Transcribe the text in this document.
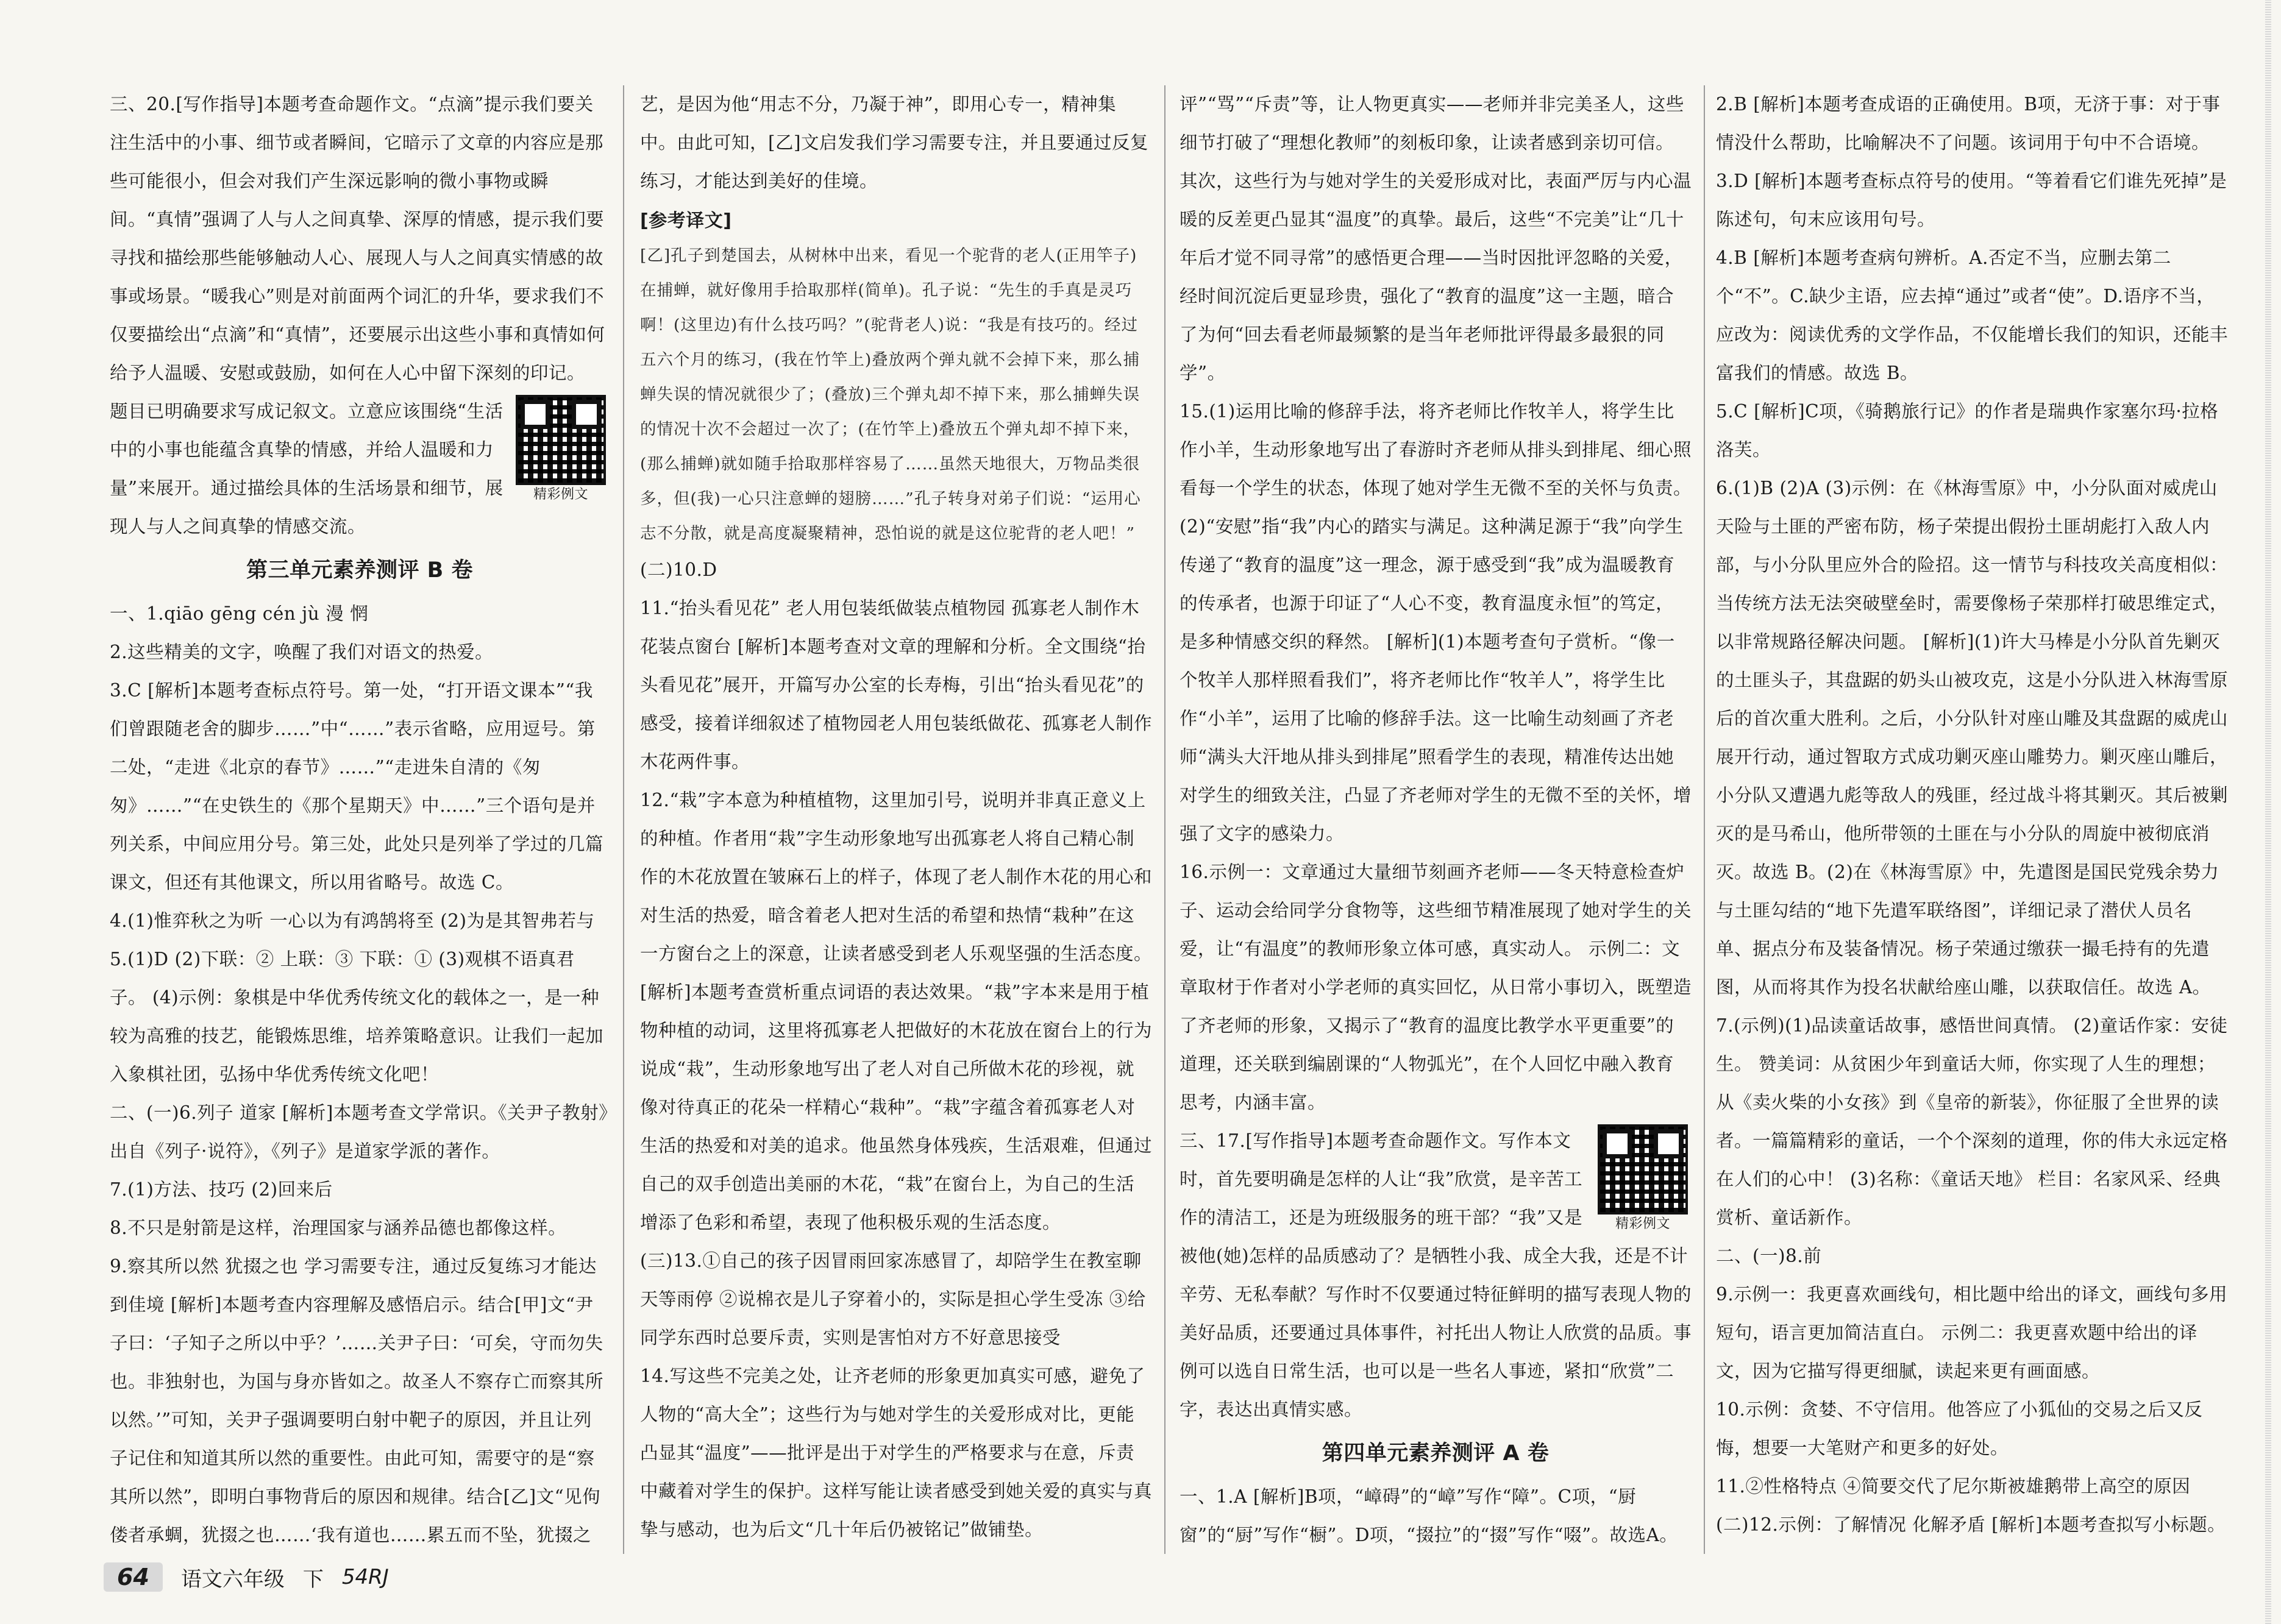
三、20.[写作指导]本题考查命题作文。“点滴”提示我们要关注生活中的小事、细节或者瞬间，它暗示了文章的内容应是那些可能很小，但会对我们产生深远影响的微小事物或瞬间。“真情”强调了人与人之间真挚、深厚的情感，提示我们要寻找和描绘那些能够触动人心、展现人与人之间真实情感的故事或场景。“暖我心”则是对前面两个词汇的升华，要求我们不仅要描绘出“点滴”和“真情”，还要展示出这些小事和真情如何给予人温暖、安慰或鼓励，如何在人心中留下深刻的印记。

精彩例文
题目已明确要求写成记叙文。立意应该围绕“生活中的小事也能蕴含真挚的情感，并给人温暖和力量”来展开。通过描绘具体的生活场景和细节，展现人与人之间真挚的情感交流。

第三单元素养测评 B 卷

一、1.qiāo gēng cén jù 漫 惘

2.这些精美的文字，唤醒了我们对语文的热爱。

3.C [解析]本题考查标点符号。第一处，“打开语文课本”“我们曾跟随老舍的脚步……”中“……”表示省略，应用逗号。第二处，“走进《北京的春节》……”“走进朱自清的《匆匆》……”“在史铁生的《那个星期天》中……”三个语句是并列关系，中间应用分号。第三处，此处只是列举了学过的几篇课文，但还有其他课文，所以用省略号。故选 C。

4.(1)惟弈秋之为听 一心以为有鸿鹄将至 (2)为是其智弗若与

5.(1)D (2)下联：② 上联：③ 下联：① (3)观棋不语真君子。 (4)示例：象棋是中华优秀传统文化的载体之一，是一种较为高雅的技艺，能锻炼思维，培养策略意识。让我们一起加入象棋社团，弘扬中华优秀传统文化吧！

二、(一)6.列子 道家 [解析]本题考查文学常识。《关尹子教射》出自《列子·说符》，《列子》是道家学派的著作。

7.(1)方法、技巧 (2)回来后

8.不只是射箭是这样，治理国家与涵养品德也都像这样。

9.察其所以然 犹掇之也 学习需要专注，通过反复练习才能达到佳境 [解析]本题考查内容理解及感悟启示。结合[甲]文“尹子曰：‘子知子之所以中乎？’……关尹子曰：‘可矣，守而勿失也。非独射也，为国与身亦皆如之。故圣人不察存亡而察其所以然。’”可知，关尹子强调要明白射中靶子的原因，并且让列子记住和知道其所以然的重要性。由此可知，需要守的是“察其所以然”，即明白事物背后的原因和规律。结合[乙]文“见佝偻者承蜩，犹掇之也……‘我有道也……累五而不坠，犹掇之

艺，是因为他“用志不分，乃凝于神”，即用心专一，精神集中。由此可知，[乙]文启发我们学习需要专注，并且要通过反复练习，才能达到美好的佳境。

[参考译文]

[乙]孔子到楚国去，从树林中出来，看见一个驼背的老人(正用竿子)在捕蝉，就好像用手拾取那样(简单)。孔子说：“先生的手真是灵巧啊！(这里边)有什么技巧吗？”(驼背老人)说：“我是有技巧的。经过五六个月的练习，(我在竹竿上)叠放两个弹丸就不会掉下来，那么捕蝉失误的情况就很少了；(叠放)三个弹丸却不掉下来，那么捕蝉失误的情况十次不会超过一次了；(在竹竿上)叠放五个弹丸却不掉下来，(那么捕蝉)就如随手拾取那样容易了……虽然天地很大，万物品类很多，但(我)一心只注意蝉的翅膀……”孔子转身对弟子们说：“运用心志不分散，就是高度凝聚精神，恐怕说的就是这位驼背的老人吧！”

(二)10.D

11.“抬头看见花” 老人用包装纸做装点植物园 孤寡老人制作木花装点窗台 [解析]本题考查对文章的理解和分析。全文围绕“抬头看见花”展开，开篇写办公室的长寿梅，引出“抬头看见花”的感受，接着详细叙述了植物园老人用包装纸做花、孤寡老人制作木花两件事。

12.“栽”字本意为种植植物，这里加引号，说明并非真正意义上的种植。作者用“栽”字生动形象地写出孤寡老人将自己精心制作的木花放置在皱麻石上的样子，体现了老人制作木花的用心和对生活的热爱，暗含着老人把对生活的希望和热情“栽种”在这一方窗台之上的深意，让读者感受到老人乐观坚强的生活态度。 [解析]本题考查赏析重点词语的表达效果。“栽”字本来是用于植物种植的动词，这里将孤寡老人把做好的木花放在窗台上的行为说成“栽”，生动形象地写出了老人对自己所做木花的珍视，就像对待真正的花朵一样精心“栽种”。“栽”字蕴含着孤寡老人对生活的热爱和对美的追求。他虽然身体残疾，生活艰难，但通过自己的双手创造出美丽的木花，“栽”在窗台上，为自己的生活增添了色彩和希望，表现了他积极乐观的生活态度。

(三)13.①自己的孩子因冒雨回家冻感冒了，却陪学生在教室聊天等雨停 ②说棉衣是儿子穿着小的，实际是担心学生受冻 ③给同学东西时总要斥责，实则是害怕对方不好意思接受

14.写这些不完美之处，让齐老师的形象更加真实可感，避免了人物的“高大全”；这些行为与她对学生的关爱形成对比，更能凸显其“温度”——批评是出于对学生的严格要求与在意，斥责中藏着对学生的保护。这样写能让读者感受到她关爱的真实与真挚与感动，也为后文“几十年后仍被铭记”做铺垫。

评”“骂”“斥责”等，让人物更真实——老师并非完美圣人，这些细节打破了“理想化教师”的刻板印象，让读者感到亲切可信。其次，这些行为与她对学生的关爱形成对比，表面严厉与内心温暖的反差更凸显其“温度”的真挚。最后，这些“不完美”让“几十年后才觉不同寻常”的感悟更合理——当时因批评忽略的关爱，经时间沉淀后更显珍贵，强化了“教育的温度”这一主题，暗合了为何“回去看老师最频繁的是当年老师批评得最多最狠的同学”。

15.(1)运用比喻的修辞手法，将齐老师比作牧羊人，将学生比作小羊，生动形象地写出了春游时齐老师从排头到排尾、细心照看每一个学生的状态，体现了她对学生无微不至的关怀与负责。 (2)“安慰”指“我”内心的踏实与满足。这种满足源于“我”向学生传递了“教育的温度”这一理念，源于感受到“我”成为温暖教育的传承者，也源于印证了“人心不变，教育温度永恒”的笃定，是多种情感交织的释然。 [解析](1)本题考查句子赏析。“像一个牧羊人那样照看我们”，将齐老师比作“牧羊人”，将学生比作“小羊”，运用了比喻的修辞手法。这一比喻生动刻画了齐老师“满头大汗地从排头到排尾”照看学生的表现，精准传达出她对学生的细致关注，凸显了齐老师对学生的无微不至的关怀，增强了文字的感染力。

16.示例一：文章通过大量细节刻画齐老师——冬天特意检查炉子、运动会给同学分食物等，这些细节精准展现了她对学生的关爱，让“有温度”的教师形象立体可感，真实动人。 示例二：文章取材于作者对小学老师的真实回忆，从日常小事切入，既塑造了齐老师的形象，又揭示了“教育的温度比教学水平更重要”的道理，还关联到编剧课的“人物弧光”，在个人回忆中融入教育思考，内涵丰富。

精彩例文
三、17.[写作指导]本题考查命题作文。写作本文时，首先要明确是怎样的人让“我”欣赏，是辛苦工作的清洁工，还是为班级服务的班干部？“我”又是被他(她)怎样的品质感动了？是牺牲小我、成全大我，还是不计辛劳、无私奉献？写作时不仅要通过特征鲜明的描写表现人物的美好品质，还要通过具体事件，衬托出人物让人欣赏的品质。事例可以选自日常生活，也可以是一些名人事迹，紧扣“欣赏”二字，表达出真情实感。

第四单元素养测评 A 卷

一、1.A [解析]B项，“嶂碍”的“嶂”写作“障”。C项，“厨窗”的“厨”写作“橱”。D项，“掇拉”的“掇”写作“啜”。故选A。

2.B [解析]本题考查成语的正确使用。B项，无济于事：对于事情没什么帮助，比喻解决不了问题。该词用于句中不合语境。

3.D [解析]本题考查标点符号的使用。“等着看它们谁先死掉”是陈述句，句末应该用句号。

4.B [解析]本题考查病句辨析。A.否定不当，应删去第二个“不”。C.缺少主语，应去掉“通过”或者“使”。D.语序不当，应改为：阅读优秀的文学作品，不仅能增长我们的知识，还能丰富我们的情感。故选 B。

5.C [解析]C项，《骑鹅旅行记》的作者是瑞典作家塞尔玛·拉格洛芙。

6.(1)B (2)A (3)示例：在《林海雪原》中，小分队面对威虎山天险与土匪的严密布防，杨子荣提出假扮土匪胡彪打入敌人内部，与小分队里应外合的险招。这一情节与科技攻关高度相似：当传统方法无法突破壁垒时，需要像杨子荣那样打破思维定式，以非常规路径解决问题。 [解析](1)许大马棒是小分队首先剿灭的土匪头子，其盘踞的奶头山被攻克，这是小分队进入林海雪原后的首次重大胜利。之后，小分队针对座山雕及其盘踞的威虎山展开行动，通过智取方式成功剿灭座山雕势力。剿灭座山雕后，小分队又遭遇九彪等敌人的残匪，经过战斗将其剿灭。其后被剿灭的是马希山，他所带领的土匪在与小分队的周旋中被彻底消灭。故选 B。(2)在《林海雪原》中，先遣图是国民党残余势力与土匪勾结的“地下先遣军联络图”，详细记录了潜伏人员名单、据点分布及装备情况。杨子荣通过缴获一撮毛持有的先遣图，从而将其作为投名状献给座山雕，以获取信任。故选 A。

7.(示例)(1)品读童话故事，感悟世间真情。 (2)童话作家：安徒生。 赞美词：从贫困少年到童话大师，你实现了人生的理想；从《卖火柴的小女孩》到《皇帝的新装》，你征服了全世界的读者。一篇篇精彩的童话，一个个深刻的道理，你的伟大永远定格在人们的心中！ (3)名称：《童话天地》 栏目：名家风采、经典赏析、童话新作。

二、(一)8.前

9.示例一：我更喜欢画线句，相比题中给出的译文，画线句多用短句，语言更加简洁直白。 示例二：我更喜欢题中给出的译文，因为它描写得更细腻，读起来更有画面感。

10.示例：贪婪、不守信用。他答应了小狐仙的交易之后又反悔，想要一大笔财产和更多的好处。

11.②性格特点 ④简要交代了尼尔斯被雄鹅带上高空的原因

(二)12.示例：了解情况 化解矛盾 [解析]本题考查拟写小标题。

64	语文六年级 下 54RJ
